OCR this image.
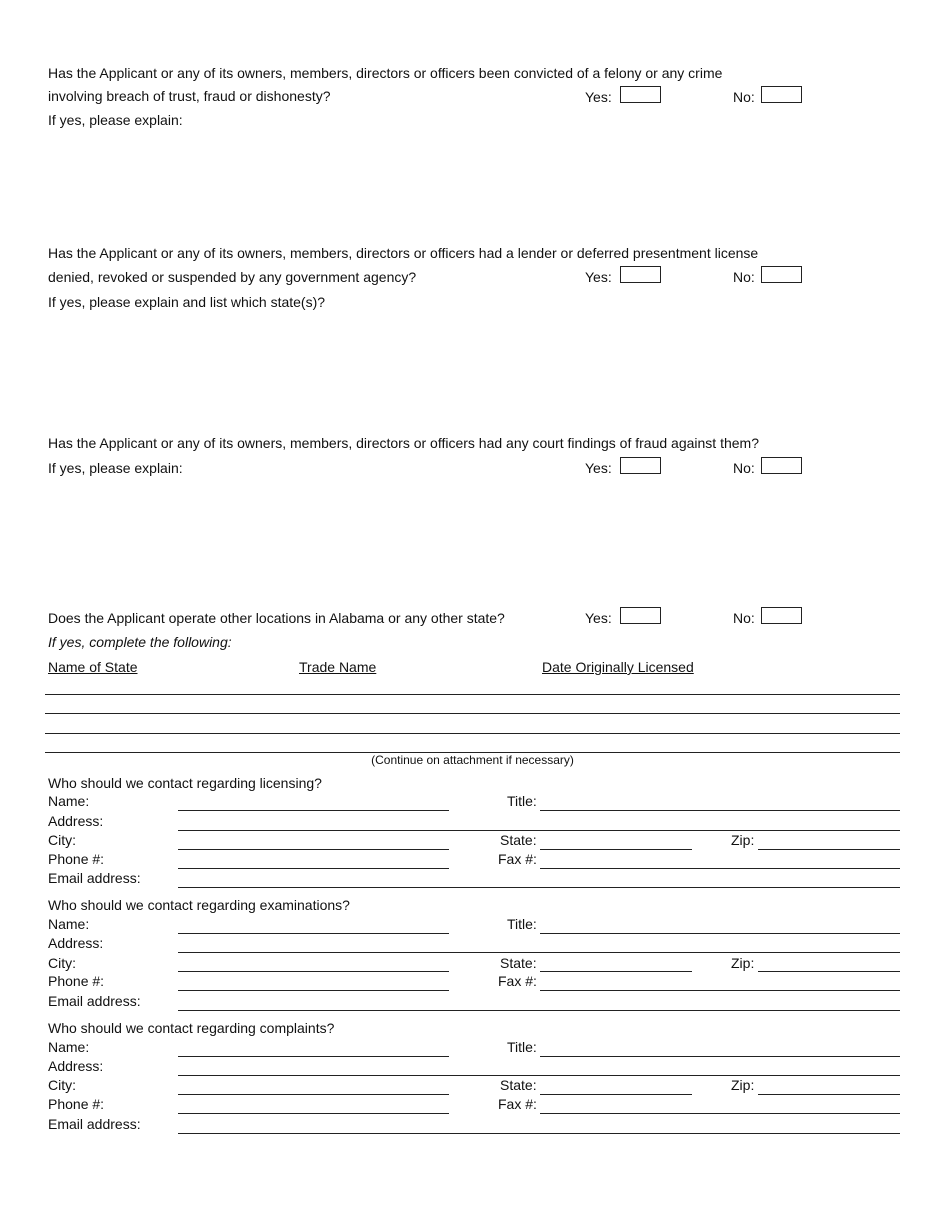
Has the Applicant or any of its owners, members, directors or officers been convicted of a felony or any crime
involving breach of trust, fraud or dishonesty?
If yes, please explain:
Yes:	No:
Has the Applicant or any of its owners, members, directors or officers had a lender or deferred presentment license
denied, revoked or suspended by any government agency?
If yes, please explain and list which state(s)?
Yes:	No:
Has the Applicant or any of its owners, members, directors or officers had any court findings of fraud against them?
If yes, please explain:	Yes:	No:
Does the Applicant operate other locations in Alabama or any other state?	Yes:	No:
If yes, complete the following:
Name of State	Trade Name	Date Originally Licensed
(Continue on attachment if necessary)
Who should we contact regarding licensing?
Name:	Title:
Address:
City:	State:	Zip:
Phone #:	Fax #:
Email address:
Who should we contact regarding examinations?
Name:	Title:
Address:
City:	State:	Zip:
Phone #:	Fax #:
Email address:
Who should we contact regarding complaints?
Name:	Title:
Address:
City:	State:	Zip:
Phone #:	Fax #:
Email address:
